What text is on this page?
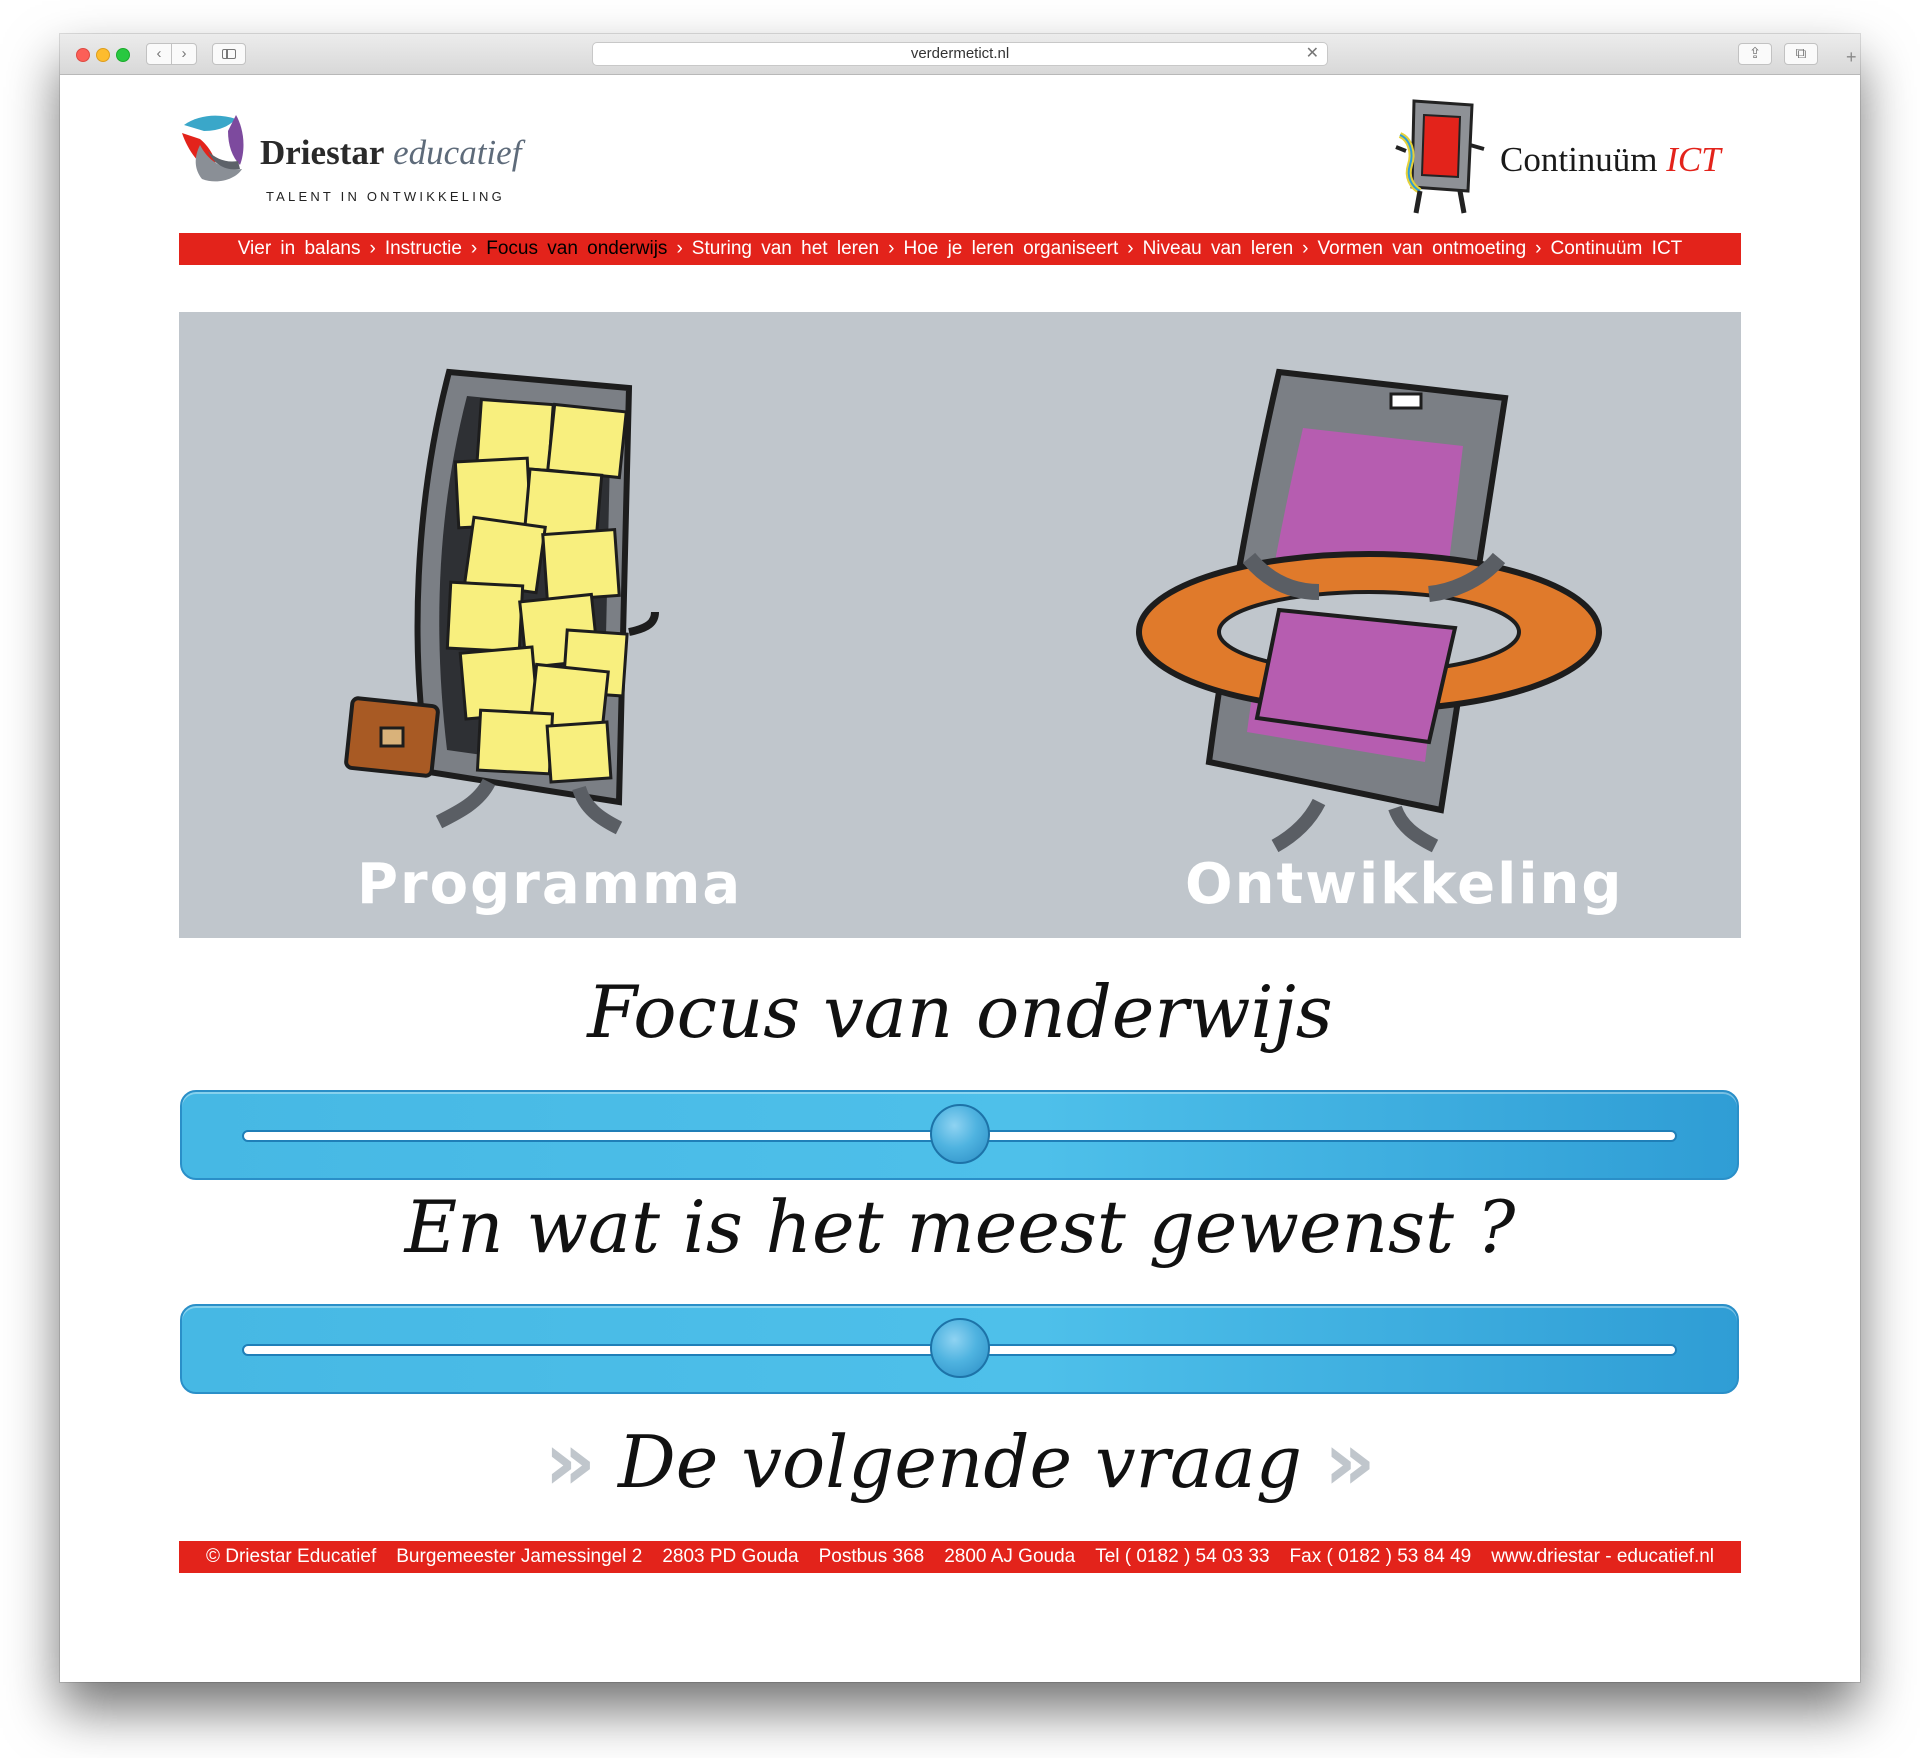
‹	›	verdermetict.nl	✕	⇪	⧉	+
Driestar educatief
TALENT IN ONTWIKKELING
Continuüm ICT
Vier in balans › Instructie › Focus van onderwijs › Sturing van het leren › Hoe je leren organiseert › Niveau van leren › Vormen van ontmoeting › Continuüm ICT
Programma	Ontwikkeling
Focus van onderwijs
En wat is het meest gewenst ?
» De volgende vraag »
© Driestar Educatief	Burgemeester Jamessingel 2	2803 PD Gouda	Postbus 368	2800 AJ Gouda	Tel ( 0182 ) 54 03 33	Fax ( 0182 ) 53 84 49	www.driestar - educatief.nl
